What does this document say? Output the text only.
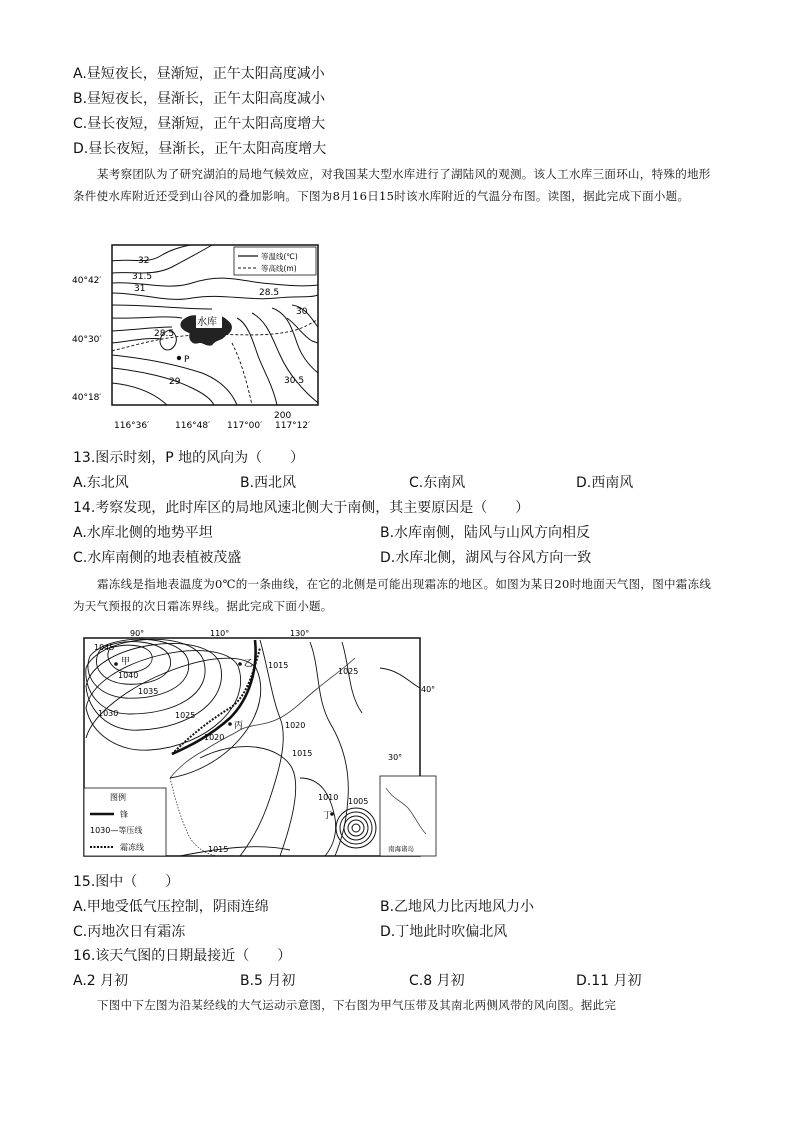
A.昼短夜长，昼渐短，正午太阳高度减小
B.昼短夜长，昼渐长，正午太阳高度减小
C.昼长夜短，昼渐短，正午太阳高度增大
D.昼长夜短，昼渐长，正午太阳高度增大
某考察团队为了研究湖泊的局地气候效应，对我国某大型水库进行了湖陆风的观测。该人工水库三面环山，特殊的地形条件使水库附近还受到山谷风的叠加影响。下图为8月16日15时该水库附近的气温分布图。读图，据此完成下面小题。
等温线(℃)
等高线(m)
水库
P
32
31.5
31	28.5
30
28.5
29	30.5
200
40°42′
40°30′
40°18′
116°36′	116°48′ 117°00′ 117°12′
13.图示时刻，P 地的风向为（　　）
A.东北风	B.西北风	C.东南风	D.西南风
14.考察发现，此时库区的局地风速北侧大于南侧，其主要原因是（　　）
A.水库北侧的地势平坦	B.水库南侧，陆风与山风方向相反
C.水库南侧的地表植被茂盛	D.水库北侧，湖风与谷风方向一致
霜冻线是指地表温度为0℃的一条曲线，在它的北侧是可能出现霜冻的地区。如图为某日20时地面天气图，图中霜冻线为天气预报的次日霜冻界线。据此完成下面小题。
90°	110°	130°
40°
30°
甲	乙
丙
丁
1045
1040
1035
1030	1025
1015
1020
1025
1020
1015
1010 1005
1015
图例
锋
1030—等压线
霜冻线	南海诸岛
15.图中（　　）
A.甲地受低气压控制，阴雨连绵	B.乙地风力比丙地风力小
C.丙地次日有霜冻	D.丁地此时吹偏北风
16.该天气图的日期最接近（　　）
A.2 月初	B.5 月初	C.8 月初	D.11 月初
下图中下左图为沿某经线的大气运动示意图，下右图为甲气压带及其南北两侧风带的风向图。据此完
